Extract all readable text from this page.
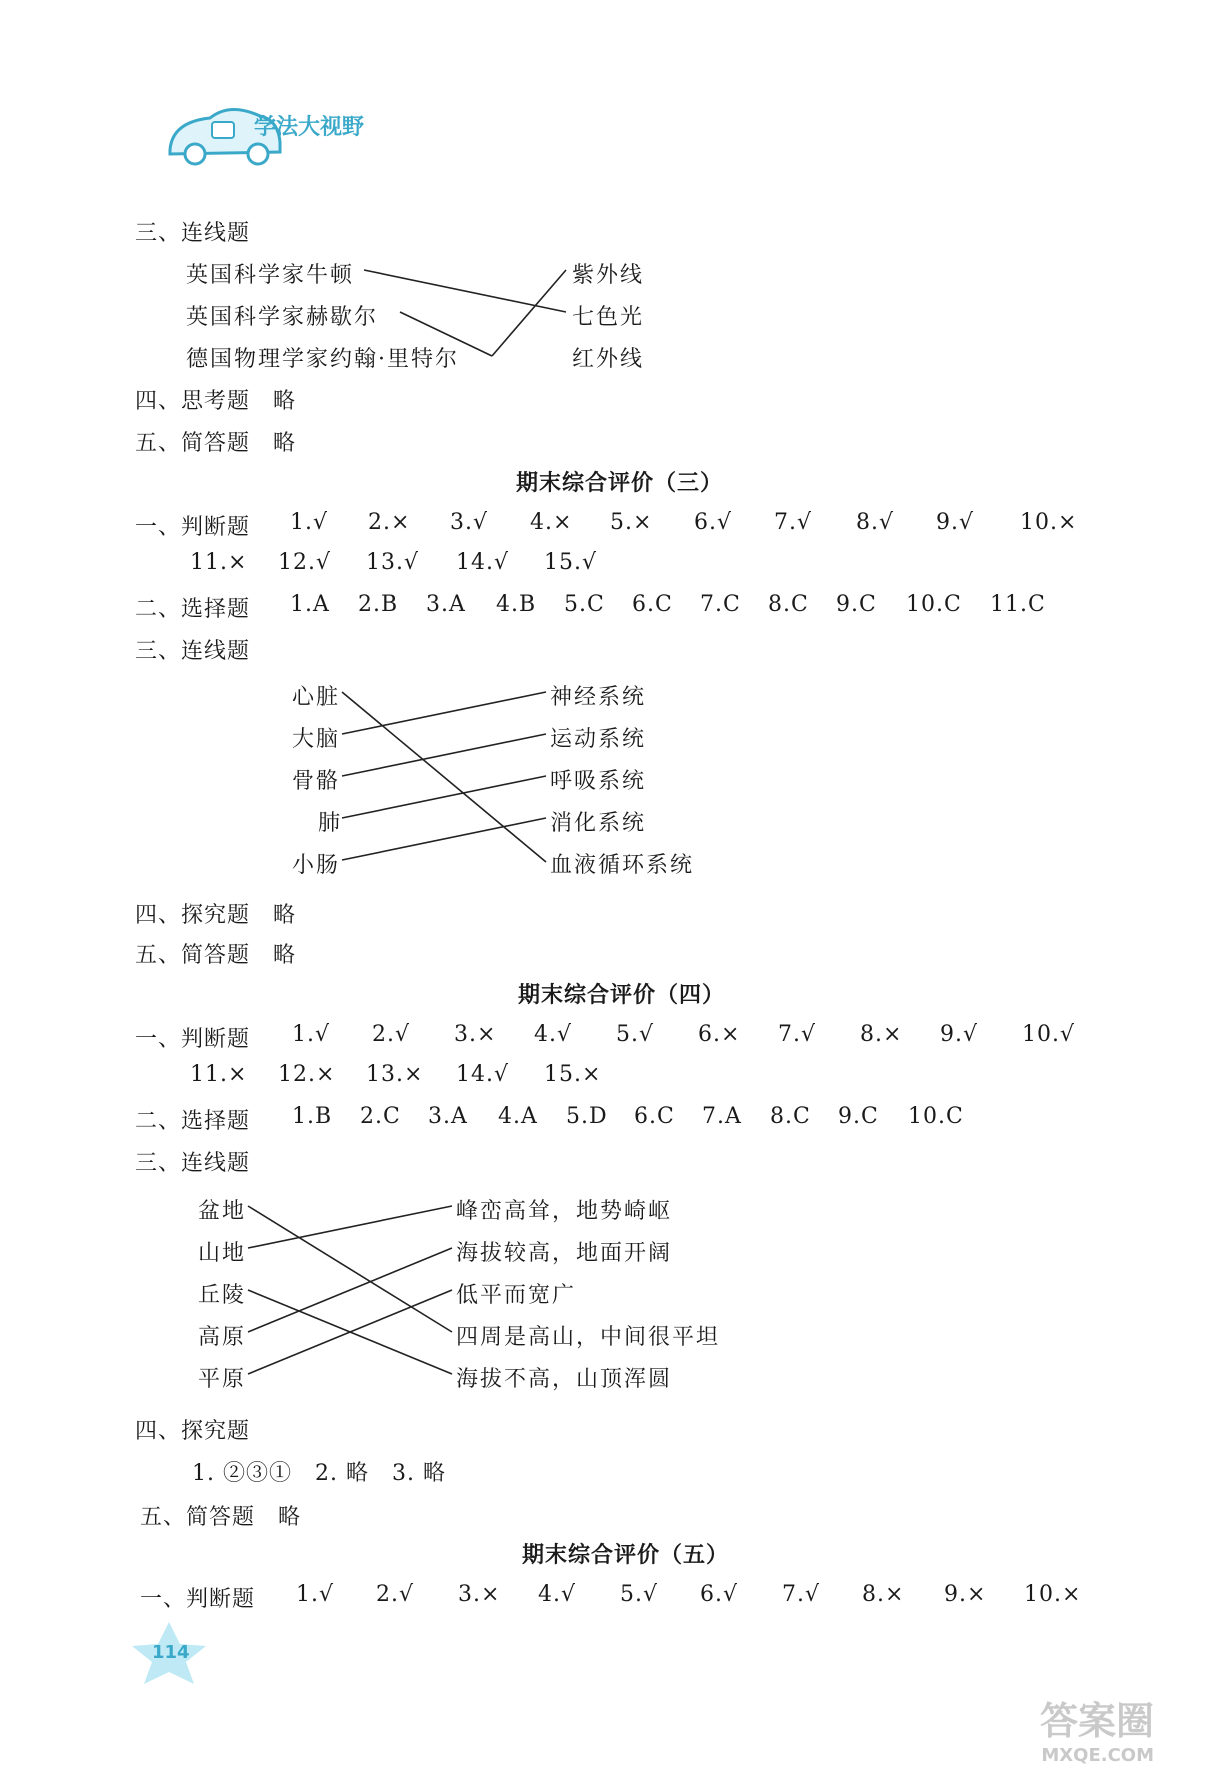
学法大视野
三、连线题
英国科学家牛顿
英国科学家赫歇尔
德国物理学家约翰·里特尔
紫外线
七色光
红外线
四、思考题　略
五、简答题　略
期末综合评价（三）
一、判断题 1.√ 2.× 3.√ 4.× 5.× 6.√ 7.√ 8.√ 9.√ 10.×
11.× 12.√ 13.√ 14.√ 15.√
二、选择题 1.A 2.B 3.A 4.B 5.C 6.C 7.C 8.C 9.C 10.C 11.C
三、连线题
心脏
大脑
骨骼
肺
小肠
神经系统
运动系统
呼吸系统
消化系统
血液循环系统
四、探究题　略
五、简答题　略
期末综合评价（四）
一、判断题 1.√ 2.√ 3.× 4.√ 5.√ 6.× 7.√ 8.× 9.√ 10.√
11.× 12.× 13.× 14.√ 15.×
二、选择题 1.B 2.C 3.A 4.A 5.D 6.C 7.A 8.C 9.C 10.C
三、连线题
盆地
山地
丘陵
高原
平原
峰峦高耸，地势崎岖
海拔较高，地面开阔
低平而宽广
四周是高山，中间很平坦
海拔不高，山顶浑圆
四、探究题
1. ②③①　2. 略　3. 略
五、简答题　略
期末综合评价（五）
一、判断题 1.√ 2.√ 3.× 4.√ 5.√ 6.√ 7.√ 8.× 9.× 10.×
114
答案圈
MXQE.COM
